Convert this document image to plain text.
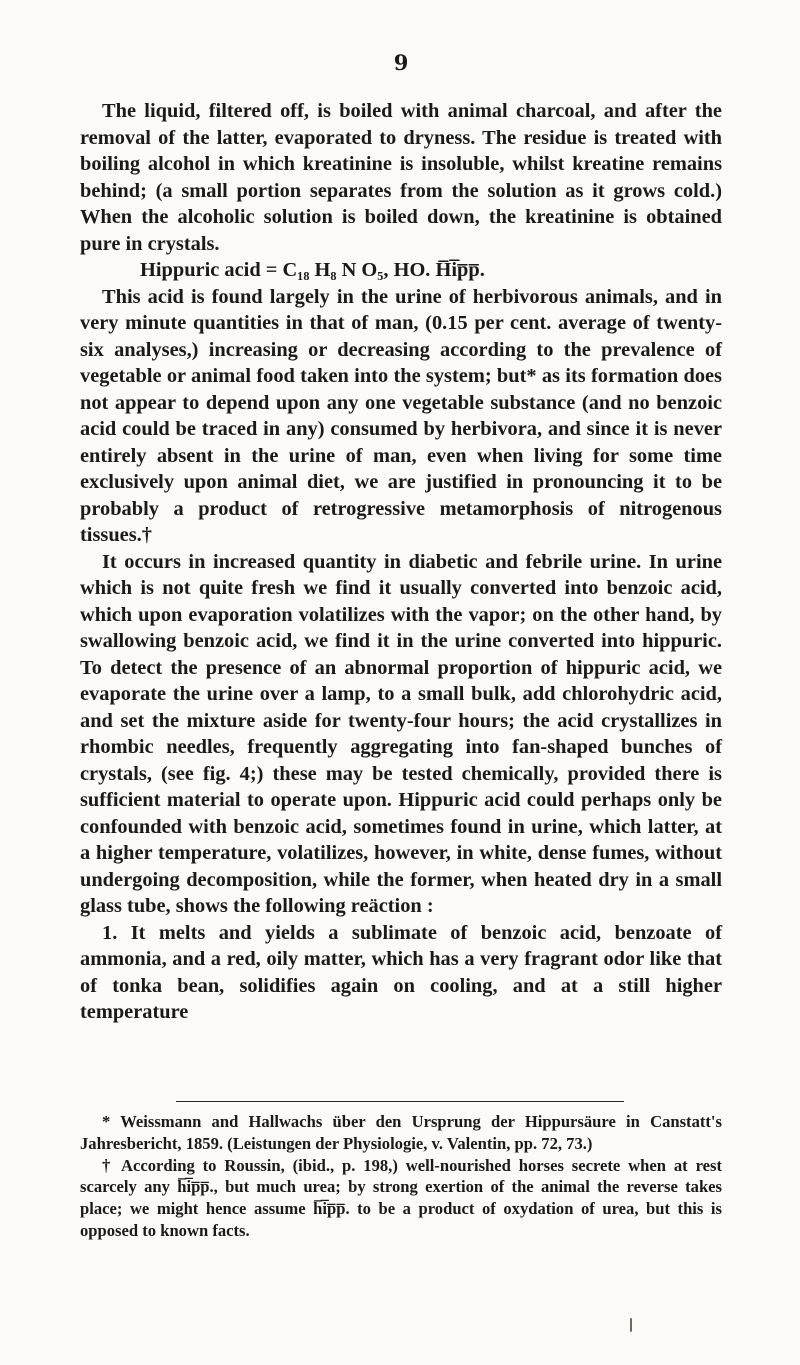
9

The liquid, filtered off, is boiled with animal charcoal, and after the removal of the latter, evaporated to dryness. The residue is treated with boiling alcohol in which kreatinine is insoluble, whilst kreatine remains behind; (a small portion separates from the solution as it grows cold.) When the alcoholic solution is boiled down, the kreatinine is obtained pure in crystals.

Hippuric acid = C₁₈ H₈ N O₅, HO. H̅i̅p̅p̅.

This acid is found largely in the urine of herbivorous animals, and in very minute quantities in that of man, (0.15 per cent. average of twenty-six analyses,) increasing or decreasing according to the prevalence of vegetable or animal food taken into the system; but* as its formation does not appear to depend upon any one vegetable substance (and no benzoic acid could be traced in any) consumed by herbivora, and since it is never entirely absent in the urine of man, even when living for some time exclusively upon animal diet, we are justified in pronouncing it to be probably a product of retrogressive metamorphosis of nitrogenous tissues.†

It occurs in increased quantity in diabetic and febrile urine. In urine which is not quite fresh we find it usually converted into benzoic acid, which upon evaporation volatilizes with the vapor; on the other hand, by swallowing benzoic acid, we find it in the urine converted into hippuric. To detect the presence of an abnormal proportion of hippuric acid, we evaporate the urine over a lamp, to a small bulk, add chlorohydric acid, and set the mixture aside for twenty-four hours; the acid crystallizes in rhombic needles, frequently aggregating into fan-shaped bunches of crystals, (see fig. 4;) these may be tested chemically, provided there is sufficient material to operate upon. Hippuric acid could perhaps only be confounded with benzoic acid, sometimes found in urine, which latter, at a higher temperature, volatilizes, however, in white, dense fumes, without undergoing decomposition, while the former, when heated dry in a small glass tube, shows the following reäction :

1. It melts and yields a sublimate of benzoic acid, benzoate of ammonia, and a red, oily matter, which has a very fragrant odor like that of tonka bean, solidifies again on cooling, and at a still higher temperature

* Weissmann and Hallwachs über den Ursprung der Hippursäure in Canstatt's Jahresbericht, 1859. (Leistungen der Physiologie, v. Valentin, pp. 72, 73.)

† According to Roussin, (ibid., p. 198,) well-nourished horses secrete when at rest scarcely any h̅i̅p̅p̅., but much urea; by strong exertion of the animal the reverse takes place; we might hence assume h̅i̅p̅p̅. to be a product of oxydation of urea, but this is opposed to known facts.
